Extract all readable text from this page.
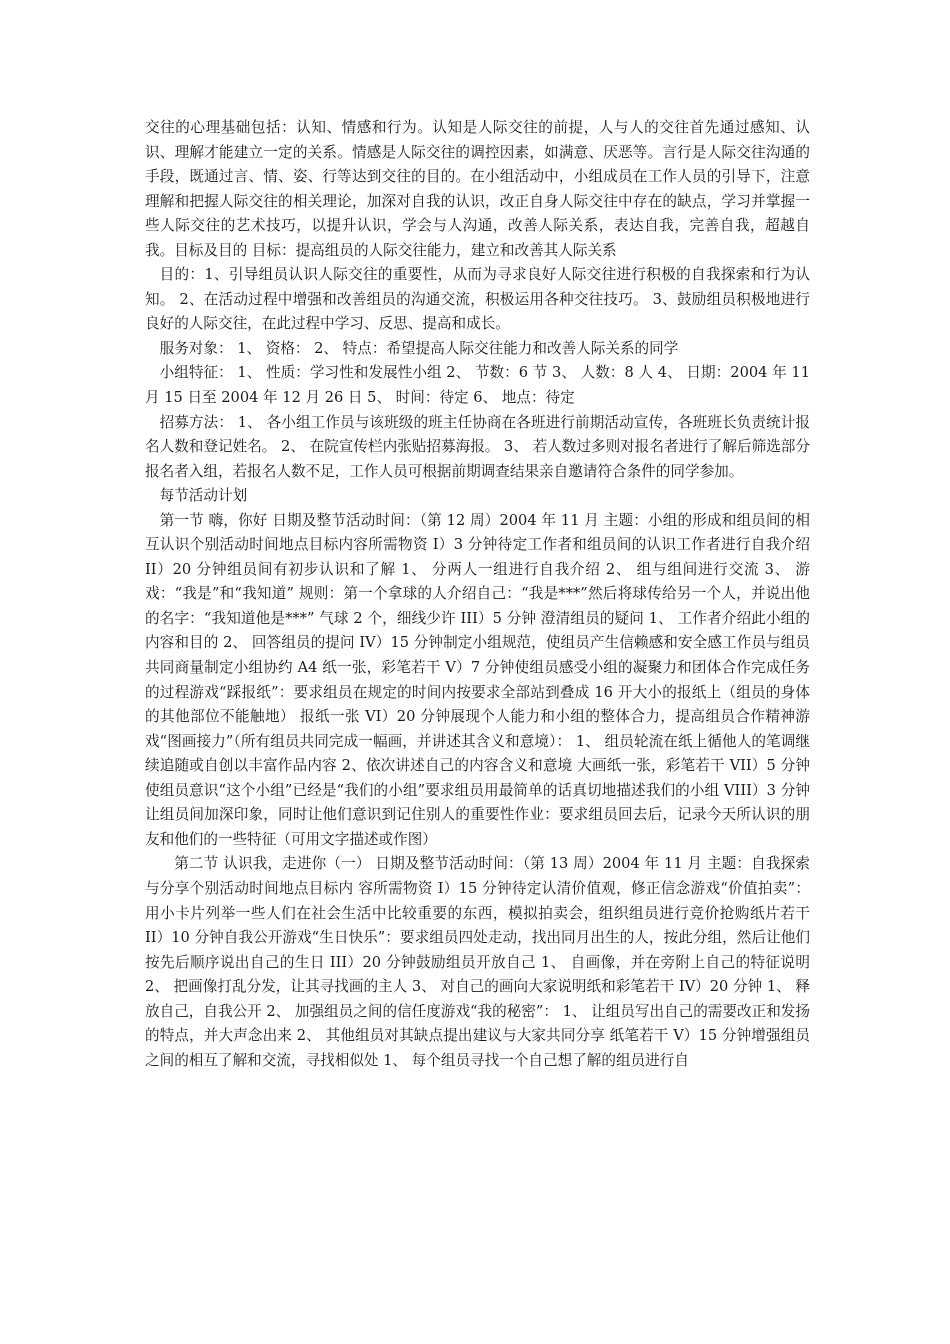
交往的心理基础包括：认知、情感和行为。认知是人际交往的前提，人与人的交往首先通过感知、认识、理解才能建立一定的关系。情感是人际交往的调控因素，如满意、厌恶等。言行是人际交往沟通的手段，既通过言、情、姿、行等达到交往的目的。在小组活动中，小组成员在工作人员的引导下，注意理解和把握人际交往的相关理论，加深对自我的认识，改正自身人际交往中存在的缺点，学习并掌握一些人际交往的艺术技巧，以提升认识，学会与人沟通，改善人际关系，表达自我，完善自我，超越自我。目标及目的 目标：提高组员的人际交往能力，建立和改善其人际关系

目的：1、引导组员认识人际交往的重要性，从而为寻求良好人际交往进行积极的自我探索和行为认知。 2、在活动过程中增强和改善组员的沟通交流，积极运用各种交往技巧。 3、鼓励组员积极地进行良好的人际交往，在此过程中学习、反思、提高和成长。

服务对象： 1、 资格： 2、 特点：希望提高人际交往能力和改善人际关系的同学

小组特征： 1、 性质：学习性和发展性小组 2、 节数：6 节 3、 人数：8 人 4、 日期：2004 年 11 月 15 日至 2004 年 12 月 26 日 5、 时间：待定 6、 地点：待定

招募方法： 1、 各小组工作员与该班级的班主任协商在各班进行前期活动宣传，各班班长负责统计报名人数和登记姓名。 2、 在院宣传栏内张贴招募海报。 3、 若人数过多则对报名者进行了解后筛选部分报名者入组，若报名人数不足，工作人员可根据前期调查结果亲自邀请符合条件的同学参加。

每节活动计划

第一节 嗨，你好 日期及整节活动时间：（第 12 周）2004 年 11 月 主题：小组的形成和组员间的相互认识个别活动时间地点目标内容所需物资 I）3 分钟待定工作者和组员间的认识工作者进行自我介绍 II）20 分钟组员间有初步认识和了解 1、 分两人一组进行自我介绍 2、 组与组间进行交流 3、 游戏：“我是”和“我知道” 规则：第一个拿球的人介绍自己：“我是***”然后将球传给另一个人，并说出他的名字：“我知道他是***” 气球 2 个，细线少许 III）5 分钟 澄清组员的疑问 1、 工作者介绍此小组的内容和目的 2、 回答组员的提问 IV）15 分钟制定小组规范，使组员产生信赖感和安全感工作员与组员共同商量制定小组协约 A4 纸一张，彩笔若干 V）7 分钟使组员感受小组的凝聚力和团体合作完成任务的过程游戏“踩报纸”：要求组员在规定的时间内按要求全部站到叠成 16 开大小的报纸上（组员的身体的其他部位不能触地） 报纸一张 VI）20 分钟展现个人能力和小组的整体合力，提高组员合作精神游戏“图画接力”（所有组员共同完成一幅画，并讲述其含义和意境）： 1、 组员轮流在纸上循他人的笔调继续追随或自创以丰富作品内容 2、依次讲述自己的内容含义和意境 大画纸一张，彩笔若干 VII）5 分钟使组员意识“这个小组”已经是“我们的小组”要求组员用最简单的话真切地描述我们的小组 VIII）3 分钟让组员间加深印象，同时让他们意识到记住别人的重要性作业：要求组员回去后，记录今天所认识的朋友和他们的一些特征（可用文字描述或作图）

第二节 认识我，走进你（一） 日期及整节活动时间：（第 13 周）2004 年 11 月 主题：自我探索与分享个别活动时间地点目标内 容所需物资 I）15 分钟待定认清价值观，修正信念游戏“价值拍卖”：用小卡片列举一些人们在社会生活中比较重要的东西，模拟拍卖会，组织组员进行竞价抢购纸片若干 II）10 分钟自我公开游戏“生日快乐”：要求组员四处走动，找出同月出生的人，按此分组，然后让他们按先后顺序说出自己的生日 III）20 分钟鼓励组员开放自己 1、 自画像，并在旁附上自己的特征说明 2、 把画像打乱分发，让其寻找画的主人 3、 对自己的画向大家说明纸和彩笔若干 IV）20 分钟 1、 释放自己，自我公开 2、 加强组员之间的信任度游戏“我的秘密”： 1、 让组员写出自己的需要改正和发扬的特点，并大声念出来 2、 其他组员对其缺点提出建议与大家共同分享 纸笔若干 V）15 分钟增强组员之间的相互了解和交流，寻找相似处 1、 每个组员寻找一个自己想了解的组员进行自
